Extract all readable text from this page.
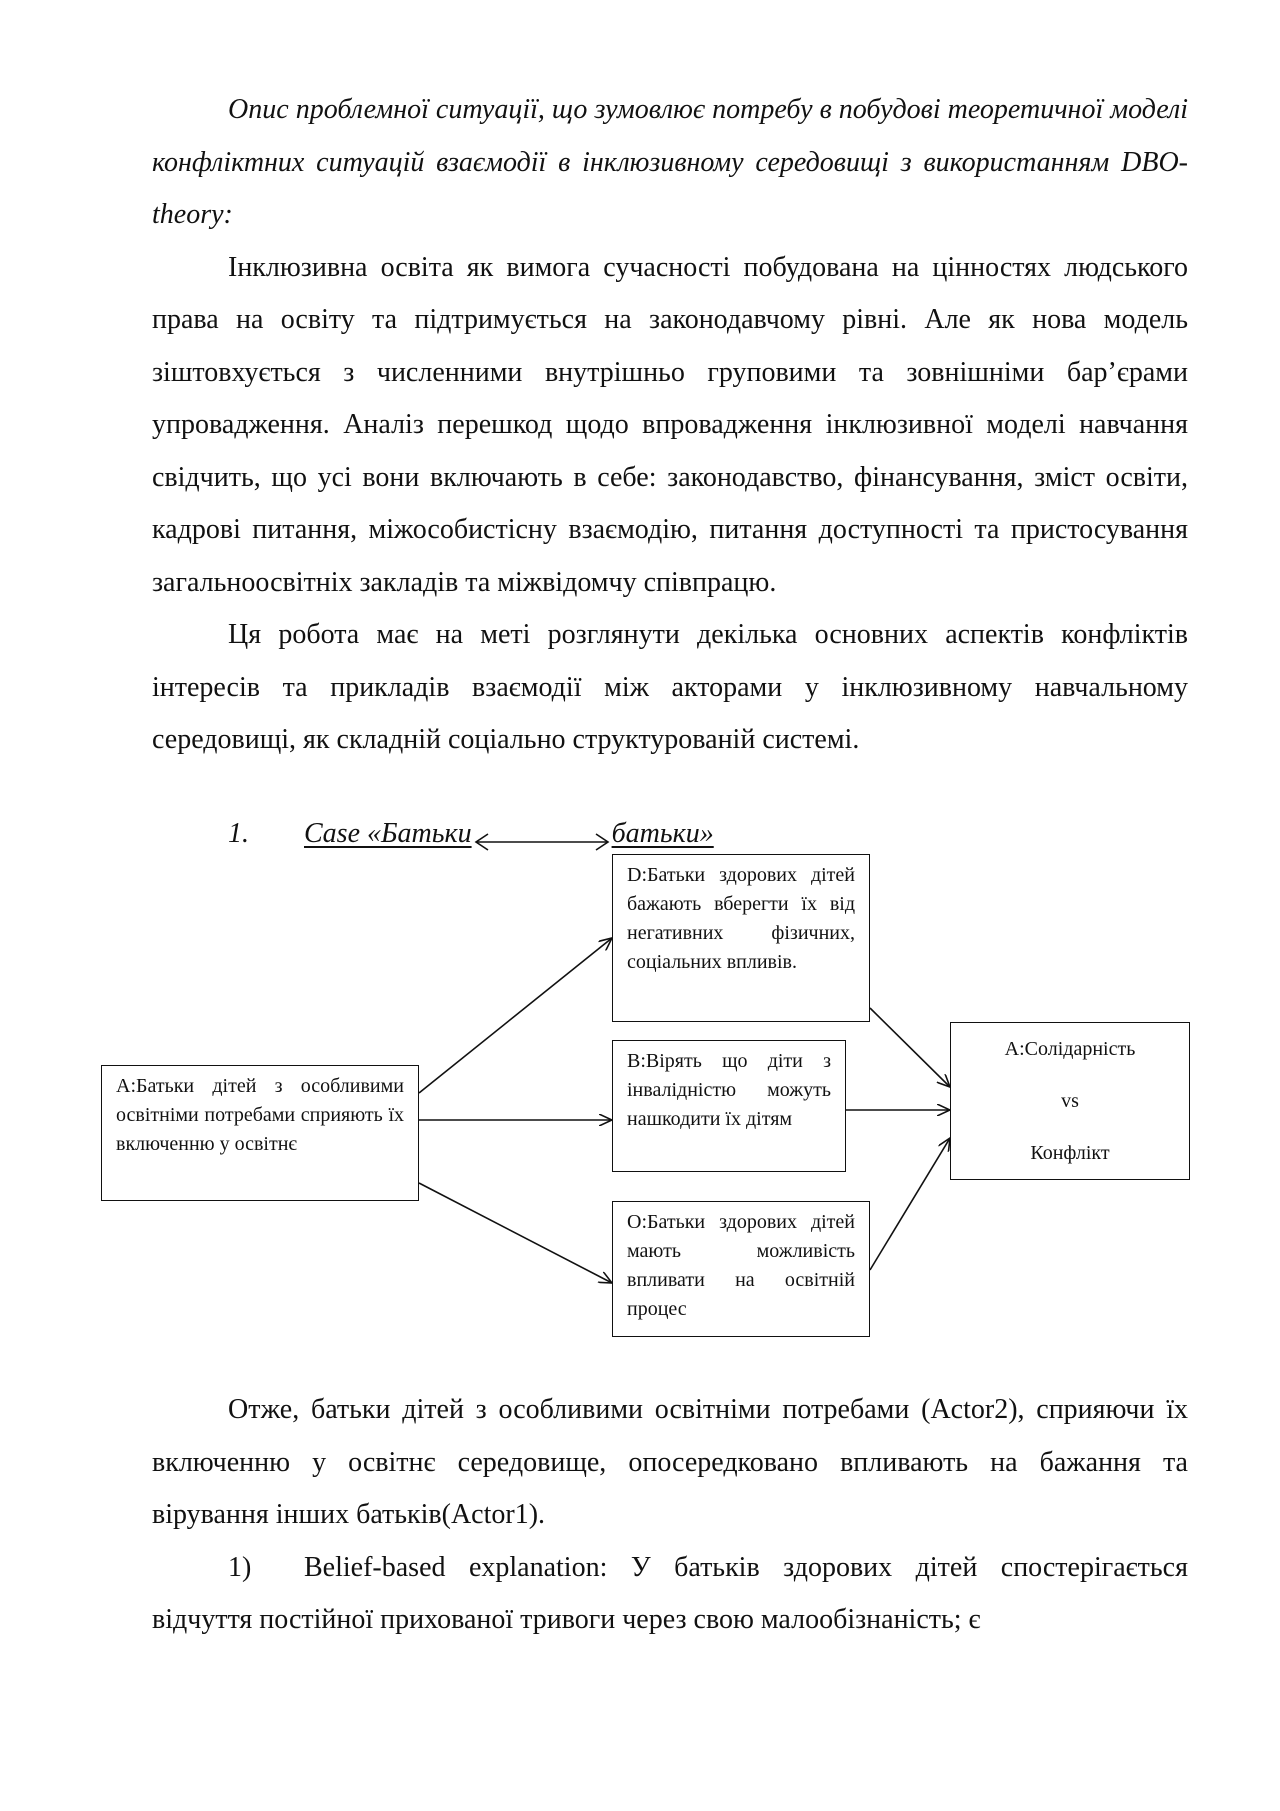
Опис проблемної ситуації, що зумовлює потребу в побудові теоретичної моделі конфліктних ситуацій взаємодії в інклюзивному середовищі з використанням DBO-theory:

Інклюзивна освіта як вимога сучасності побудована на цінностях людського права на освіту та підтримується на законодавчому рівні. Але як нова модель зіштовхується з численними внутрішньо груповими та зовнішніми бар’єрами упровадження. Аналіз перешкод щодо впровадження інклюзивної моделі навчання свідчить, що усі вони включають в себе: законодавство, фінансування, зміст освіти, кадрові питання, міжособистісну взаємодію, питання доступності та пристосування загальноосвітніх закладів та міжвідомчу співпрацю.

Ця робота має на меті розглянути декілька основних аспектів конфліктів інтересів та прикладів взаємодії між акторами у інклюзивному навчальному середовищі, як складній соціально структурованій системі.

1. Case «Батьки	батьки»
A:Батьки дітей з особливими освітніми потребами сприяють їх включенню у освітнє
D:Батьки здорових дітей бажають вберегти їх від негативних фізичних, соціальних впливів.
B:Вірять що діти з інвалідністю можуть нашкодити їх дітям
O:Батьки здорових дітей мають можливість впливати на освітній процес
A:Солідарність
vs
Конфлікт

Отже, батьки дітей з особливими освітніми потребами (Actor2), сприяючи їх включенню у освітнє середовище, опосередковано впливають на бажання та вірування інших батьків(Actor1).

1) Belief-based explanation: У батьків здорових дітей спостерігається відчуття постійної прихованої тривоги через свою малообізнаність; є
